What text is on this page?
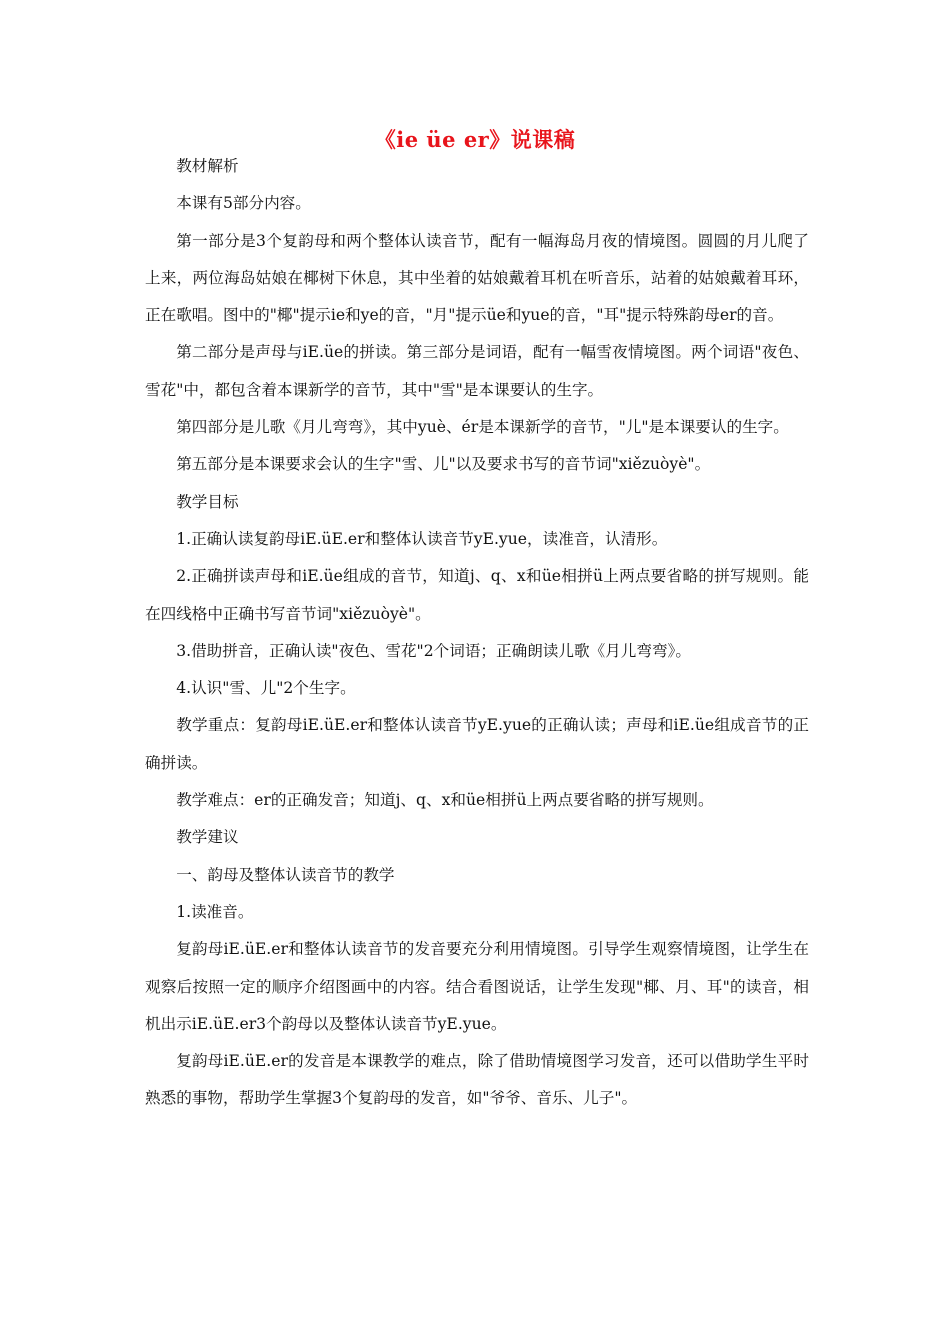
《ie üe er》说课稿

教材解析

本课有5部分内容。

第一部分是3个复韵母和两个整体认读音节，配有一幅海岛月夜的情境图。圆圆的月儿爬了上来，两位海岛姑娘在椰树下休息，其中坐着的姑娘戴着耳机在听音乐，站着的姑娘戴着耳环，正在歌唱。图中的"椰"提示ie和ye的音，"月"提示üe和yue的音，"耳"提示特殊韵母er的音。

第二部分是声母与iE.üe的拼读。第三部分是词语，配有一幅雪夜情境图。两个词语"夜色、雪花"中，都包含着本课新学的音节，其中"雪"是本课要认的生字。

第四部分是儿歌《月儿弯弯》，其中yuè、ér是本课新学的音节，"儿"是本课要认的生字。

第五部分是本课要求会认的生字"雪、儿"以及要求书写的音节词"xiězuòyè"。

教学目标

1.正确认读复韵母iE.üE.er和整体认读音节yE.yue，读准音，认清形。

2.正确拼读声母和iE.üe组成的音节，知道j、q、x和üe相拼ü上两点要省略的拼写规则。能在四线格中正确书写音节词"xiězuòyè"。

3.借助拼音，正确认读"夜色、雪花"2个词语；正确朗读儿歌《月儿弯弯》。

4.认识"雪、儿"2个生字。

教学重点：复韵母iE.üE.er和整体认读音节yE.yue的正确认读；声母和iE.üe组成音节的正确拼读。

教学难点：er的正确发音；知道j、q、x和üe相拼ü上两点要省略的拼写规则。

教学建议

一、韵母及整体认读音节的教学

1.读准音。

复韵母iE.üE.er和整体认读音节的发音要充分利用情境图。引导学生观察情境图，让学生在观察后按照一定的顺序介绍图画中的内容。结合看图说话，让学生发现"椰、月、耳"的读音，相机出示iE.üE.er3个韵母以及整体认读音节yE.yue。

复韵母iE.üE.er的发音是本课教学的难点，除了借助情境图学习发音，还可以借助学生平时熟悉的事物，帮助学生掌握3个复韵母的发音，如"爷爷、音乐、儿子"。
